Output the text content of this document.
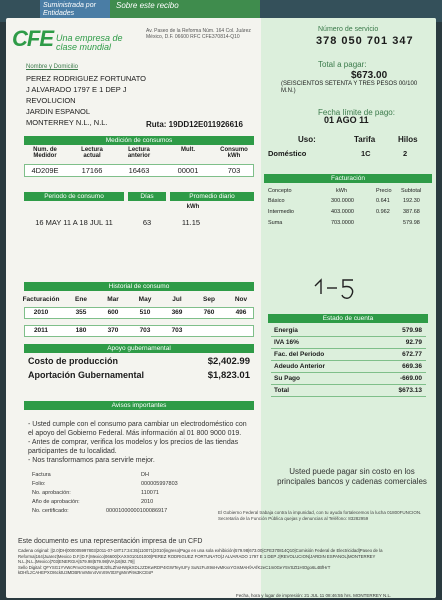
Suministrada por Entidades
Sobre este recibo
CFE Una empresa de clase mundial
Av. Paseo de la Reforma Núm. 164 Col. Juárez México, D.F. 06600 RFC CFE370814-Q10
Número de servicio
378 050 701 347
Nombre y Domicilio
PEREZ RODRIGUEZ FORTUNATO
J ALVARADO 1797 E 1 DEP J
REVOLUCION
JARDIN ESPANOL
MONTERREY N.L., N.L.	Ruta: 19DD12E011926616
Total a pagar:
$673.00
(SEISCIENTOS SETENTA Y TRES PESOS 00/100 M.N.)
Fecha límite de pago:
01 AGO 11
Uso:	Tarifa	Hilos
Doméstico	1C	2
Medición de consumos
Num. de Medidor
Lectura actual
Lectura anterior
Mult.	Consumo kWh
4D209E	17166	16463	00001	703
Facturación
Concepto	kWh	Precio Subtotal
Básico	300.0000	0.641 192.30
Intermedio	403.0000	0.962 387.68
Suma	703.0000	579.98
Periodo de consumo	Días	Promedio diario
kWh
16 MAY 11 A 18 JUL 11	63	11.15
Historial de consumo
Facturación	Ene	Mar	May	Jul	Sep	Nov
2010	355	600	510	369	760	496
2011	180	370	703	703
Apoyo gubernamental
Costo de producción	$2,402.99
Aportación Gubernamental	$1,823.01
Estado de cuenta
Energía	579.98
IVA 16%	92.79
Fac. del Periodo	672.77
Adeudo Anterior	669.36
Su Pago	-669.00
Total	$673.13
Avisos importantes
- Usted cumple con el consumo para cambiar un electrodoméstico con el apoyo del Gobierno Federal. Más información al 01 800 9000 019.
- Antes de comprar, verifica los modelos y los precios de las tiendas participantes de tu localidad.
- Nos transformamos para servirle mejor.
Usted puede pagar sin costo en los principales bancos y cadenas comerciales
Factura	DH
Folio:	000005997803
No. aprobación:	110071
Año de aprobación:	2010
No. certificado:	00001000000100086917	El Gobierno Federal trabaja contra la impunidad, con tu ayuda fortalecemos la lucha 01800FUNCION. Secretaría de la Función Pública quejas y denuncias al Teléfono: 83282959
Este documento es una representación impresa de un CFD
Cadena original: ||2.0|DH|000005997803|2011-07-18T17:34:35|110071|2010|ingreso|Pago en una sola exhibición|579.98|673.00|CFE370814Q10|Comisión Federal de Electricidad|Paseo de la Reforma|164|Juarez|Mexico D.F.|D.F.|Mexico|06600|XAXX010101000|PEREZ RODRIGUEZ FORTUNATO|J ALVARADO 1797 E 1 DEP J|REVOLUCION|JARDIN ESPANOL|MONTERREY N.L.|N.L.|Mexico|703|ENERGIA|579.98|579.98|IVA|16|92.79||
Sello Digital: QFYSG1YVWcPmvzOXKBgHEJ2hLZhsHWpkXDLzZDKwRDP4IGWTeyrUFy SuNzFuX9nHvMKvxYGIsMAHfAAfK2eC1m0GeY5VSZt1HtOgo6L4BfHrT kDHfLzCAHEPXOI6cktU3MDBRmrMnn4VmX9Vt0zFgMmPi9s3KCEsP
Fecha, hora y lugar de impresión: 21 JUL 11 08:46:55 hrs. MONTERREY N.L.
